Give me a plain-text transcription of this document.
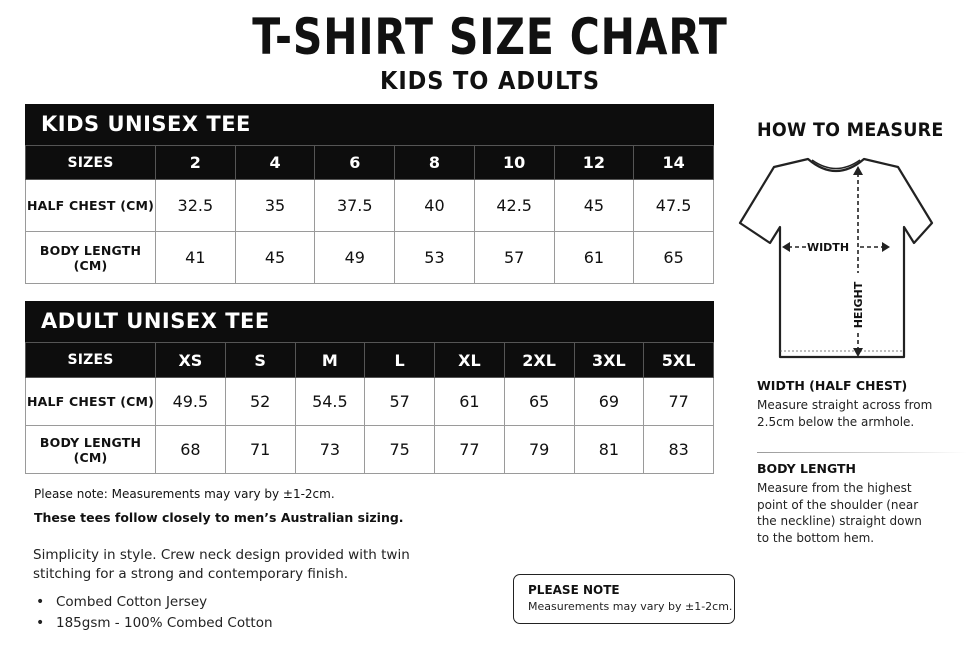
T-SHIRT SIZE CHART
KIDS TO ADULTS
KIDS UNISEX TEE
SIZES	2	4	6	8	10	12	14
HALF CHEST (CM)	32.5	35	37.5	40	42.5	45	47.5
BODY LENGTH (CM)	41	45	49	53	57	61	65
ADULT UNISEX TEE
SIZES	XS	S	M	L	XL	2XL	3XL	5XL
HALF CHEST (CM)	49.5	52	54.5	57	61	65	69	77
BODY LENGTH (CM)	68	71	73	75	77	79	81	83
Please note: Measurements may vary by ±1-2cm.
These tees follow closely to men’s Australian sizing.
Simplicity in style. Crew neck design provided with twin stitching for a strong and contemporary finish.
• Combed Cotton Jersey
• 185gsm - 100% Combed Cotton
PLEASE NOTE
Measurements may vary by ±1-2cm.
HOW TO MEASURE
WIDTH
HEIGHT
WIDTH (HALF CHEST)
Measure straight across from 2.5cm below the armhole.
BODY LENGTH
Measure from the highest point of the shoulder (near the neckline) straight down to the bottom hem.
